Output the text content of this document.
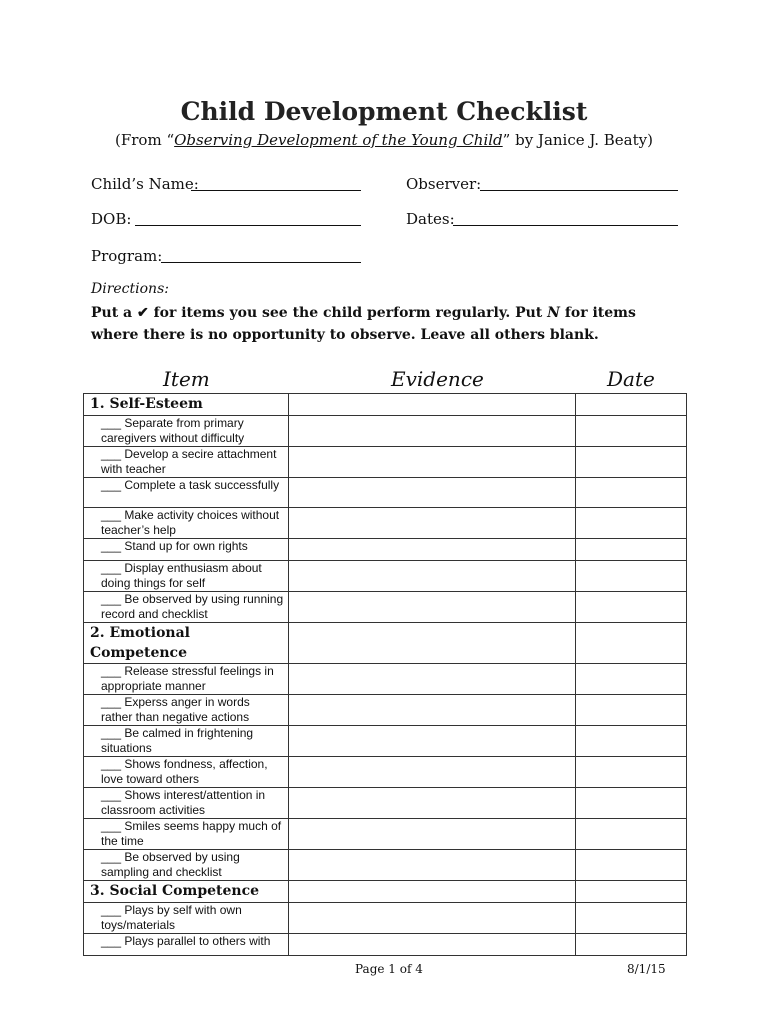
Child Development Checklist
(From “Observing Development of the Young Child” by Janice J. Beaty)
Child’s Name:	Observer:
DOB:	Dates:
Program:
Directions:
Put a ✔ for items you see the child perform regularly. Put N for items where there is no opportunity to observe. Leave all others blank.
Item	Evidence	Date
1. Self-Esteem		
___ Separate from primary caregivers without difficulty		
___ Develop a secire attachment with teacher		
___ Complete a task successfully		
___ Make activity choices without teacher’s help		
___ Stand up for own rights		
___ Display enthusiasm about doing things for self		
___ Be observed by using running record and checklist		
2. Emotional Competence		
___ Release stressful feelings in appropriate manner		
___ Experss anger in words rather than negative actions		
___ Be calmed in frightening situations		
___ Shows fondness, affection, love toward others		
___ Shows interest/attention in classroom activities		
___ Smiles seems happy much of the time		
___ Be observed by using sampling and checklist		
3. Social Competence		
___ Plays by self with own toys/materials		
___ Plays parallel to others with		
Page 1 of 4	8/1/15
